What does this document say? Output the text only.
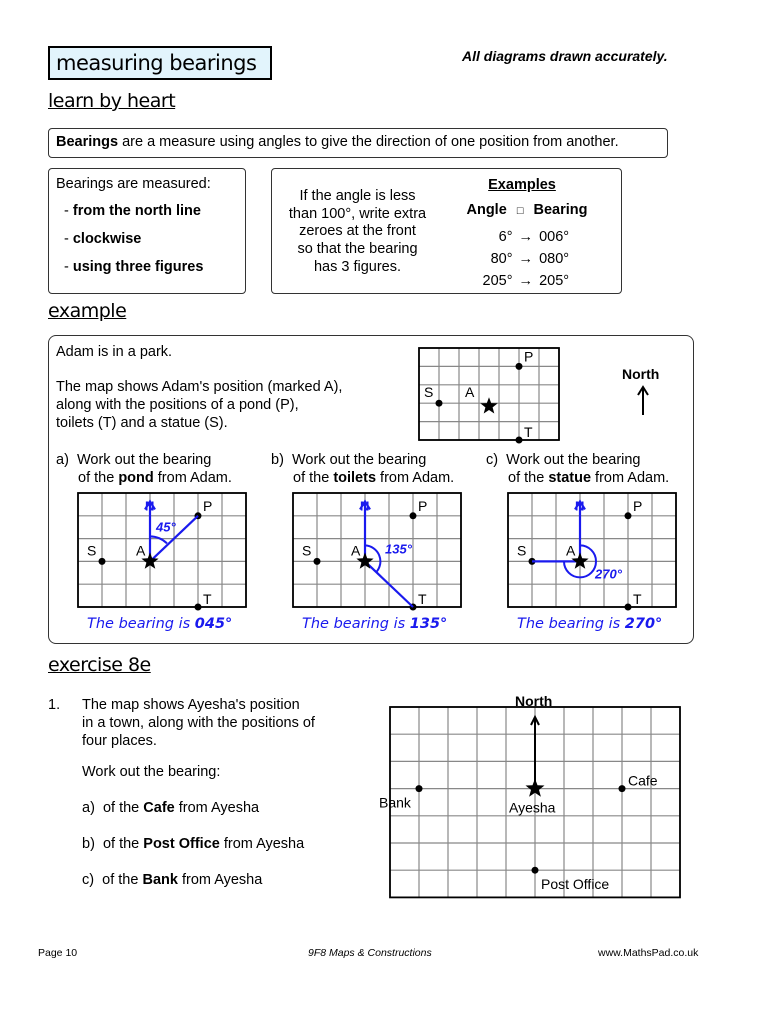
measuring bearings	All diagrams drawn accurately.
learn by heart
Bearings are a measure using angles to give the direction of one position from another.
Bearings are measured:
- from the north line
- clockwise
- using three figures
If the angle is less
than 100°, write extra
zeroes at the front
so that the bearing
has 3 figures.
Examples
Angle □ Bearing
6° → 006°
80° → 080°
205° → 205°
example
Adam is in a park.
The map shows Adam's position (marked A),
along with the positions of a pond (P),
toilets (T) and a statue (S).
P
S A
T
North
a) Work out the bearing
of the pond from Adam.
P
S	A
T
N
45°
The bearing is 045°
b) Work out the bearing
of the toilets from Adam.
P
S	A
T
N
135°
The bearing is 135°
c) Work out the bearing
of the statue from Adam.
P
S	A
T
N
270°
The bearing is 270°
exercise 8e
1. The map shows Ayesha's position
in a town, along with the positions of
four places.
Work out the bearing:
a) of the Cafe from Ayesha
b) of the Post Office from Ayesha
c) of the Bank from Ayesha
North
Bank
Cafe
Ayesha
Post Office
Page 10	9F8 Maps & Constructions	www.MathsPad.co.uk
